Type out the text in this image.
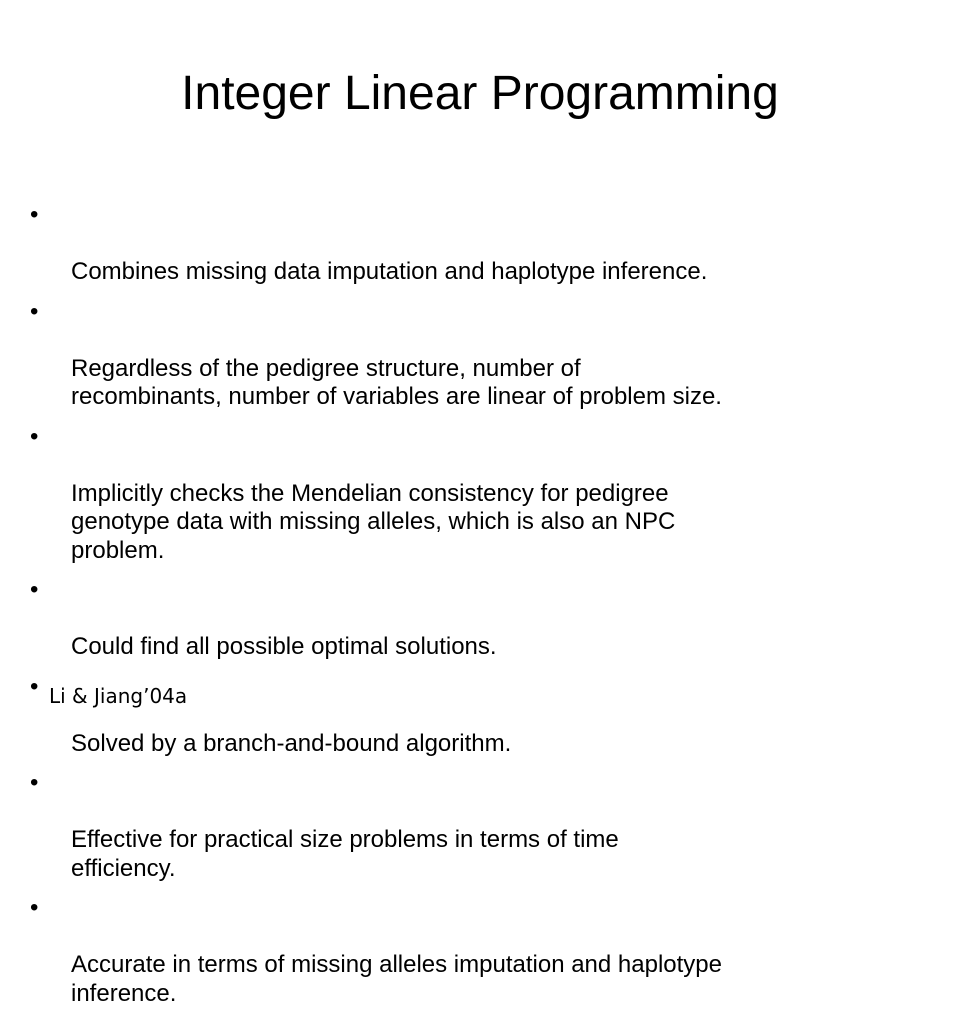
Integer Linear Programming

•

Combines missing data imputation and haplotype inference.

•

Regardless of the pedigree structure, number of
recombinants, number of variables are linear of problem size.

•

Implicitly checks the Mendelian consistency for pedigree
genotype data with missing alleles, which is also an NPC
problem.

•

Could find all possible optimal solutions.

•

Solved by a branch-and-bound algorithm.

•

Effective for practical size problems in terms of time
efficiency.

•

Accurate in terms of missing alleles imputation and haplotype
inference.

Li & Jiang’04a
